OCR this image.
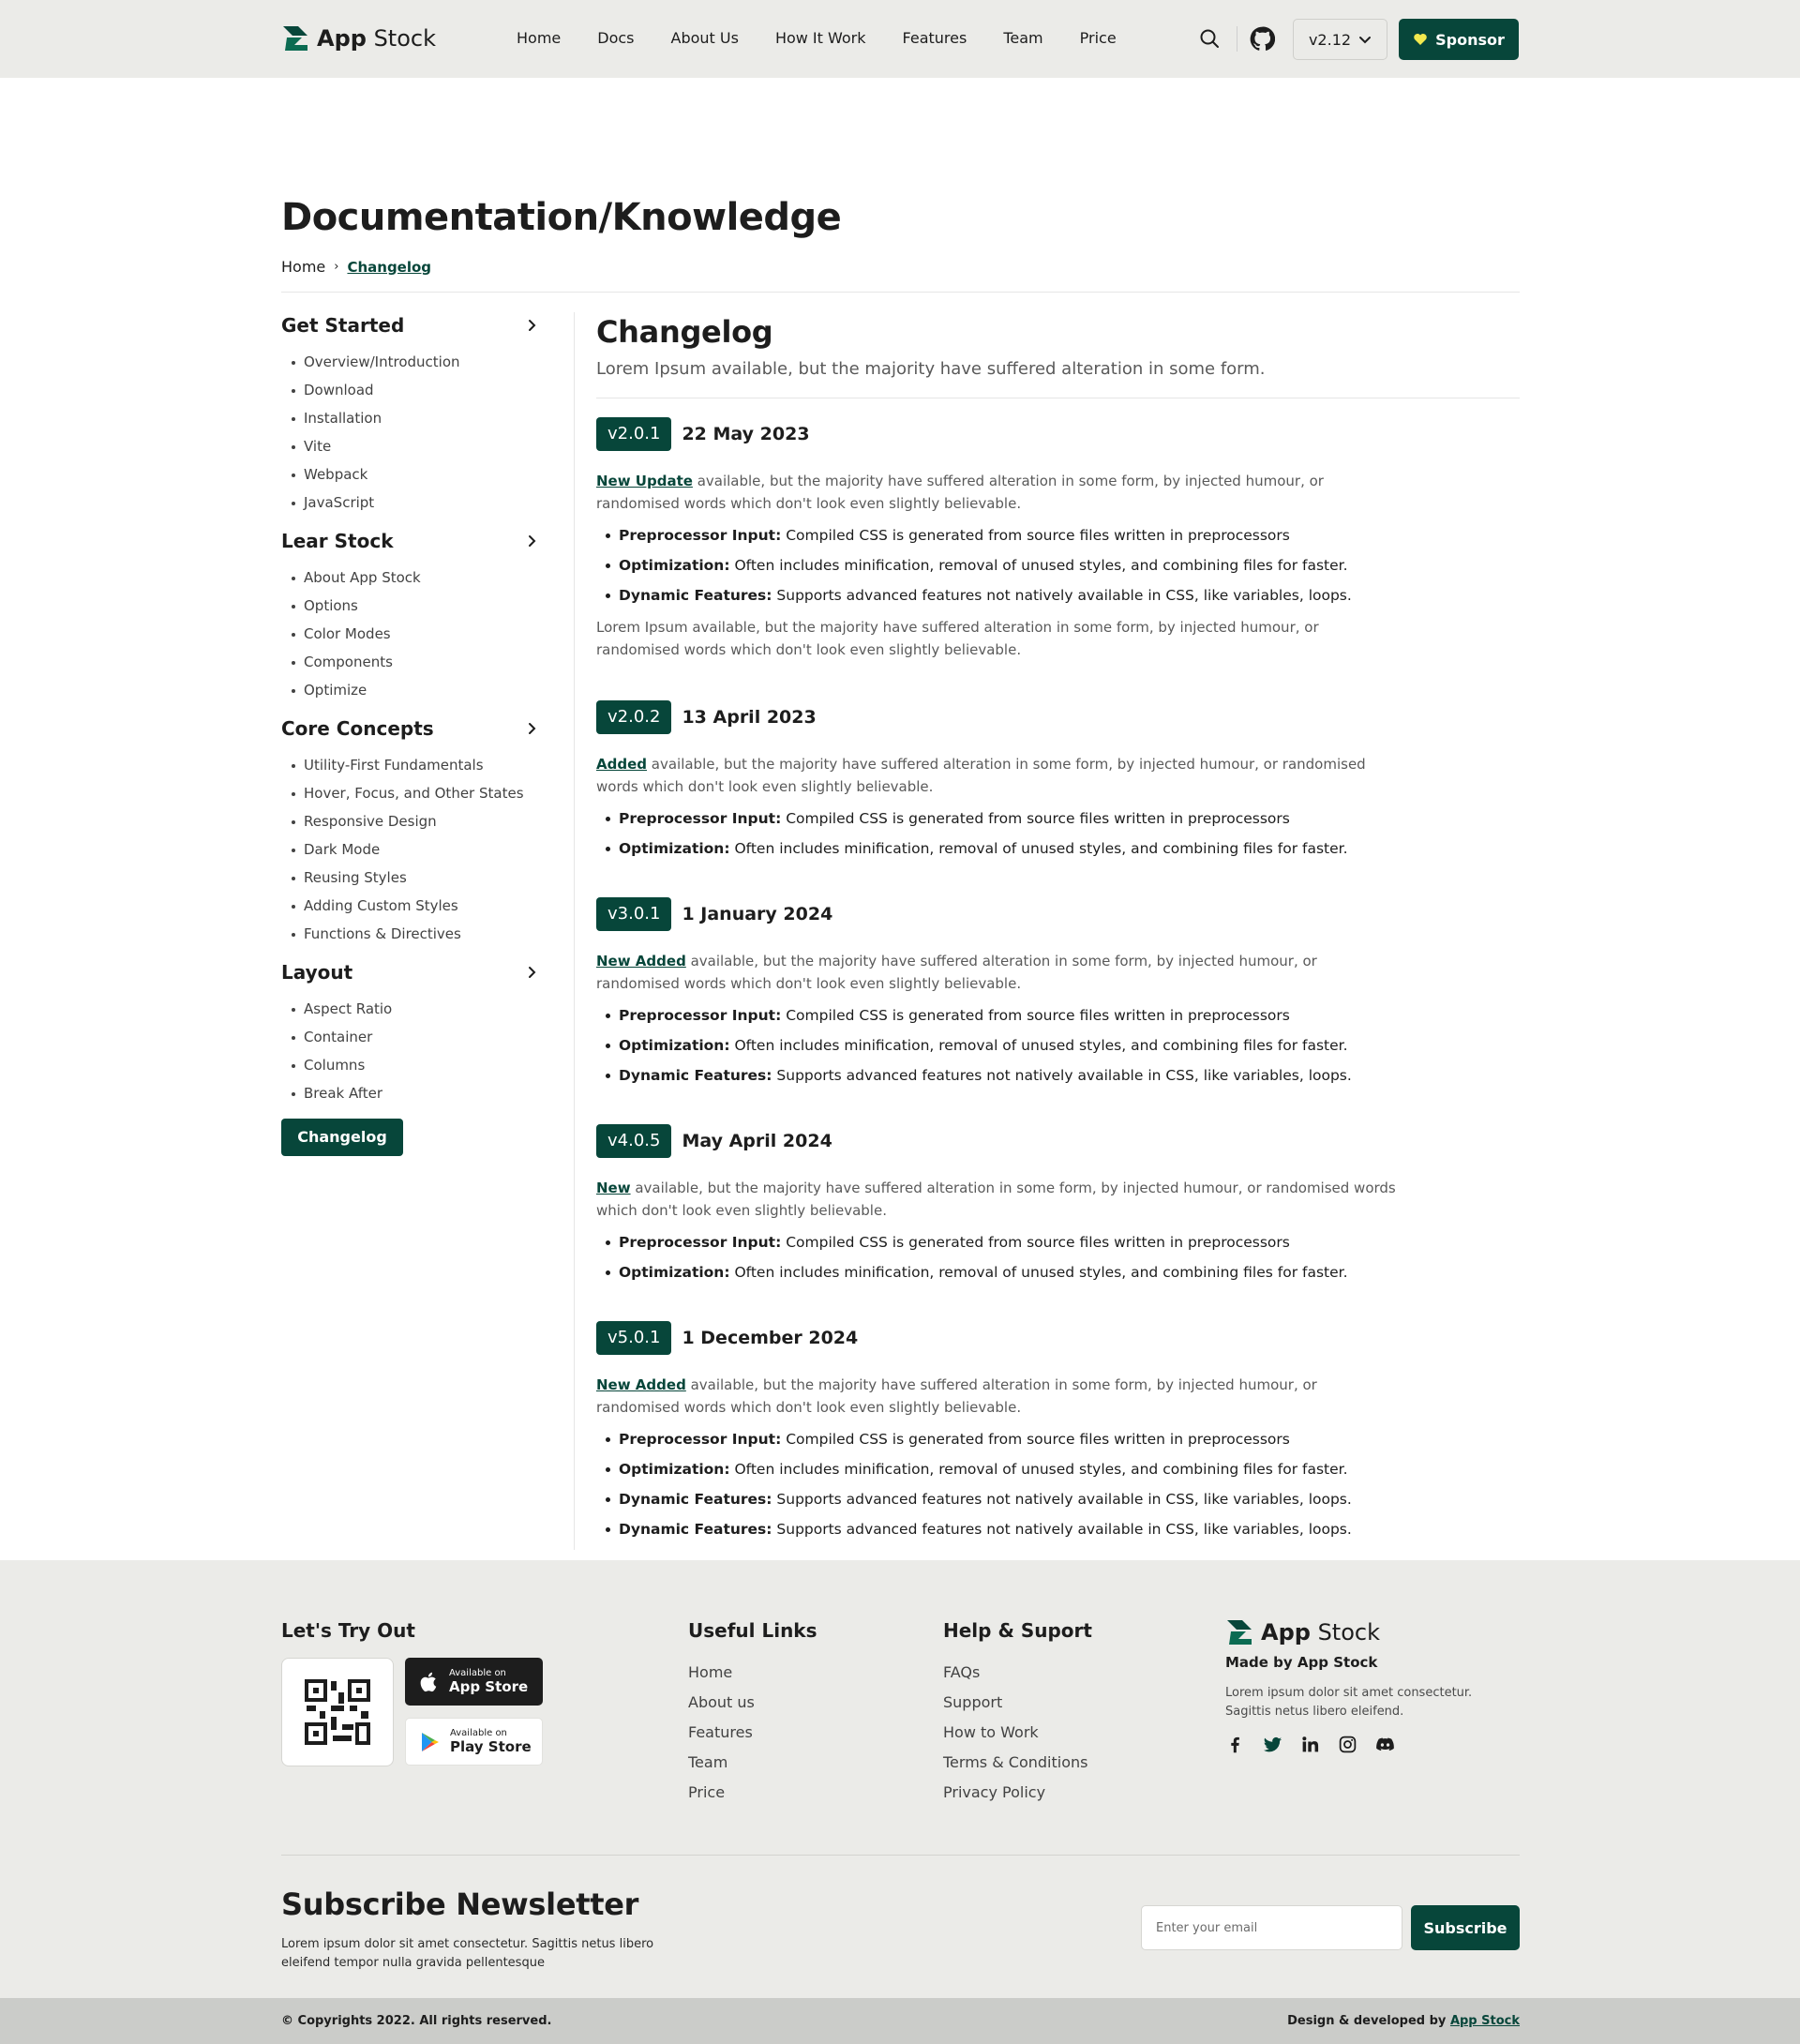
App Stock	Home Docs About Us How It Work Features Team Price	v2.12	Sponsor
Documentation/Knowledge
Home › Changelog
Get Started
Overview/Introduction
Download
Installation
Vite
Webpack
JavaScript
Lear Stock
About App Stock
Options
Color Modes
Components
Optimize
Core Concepts
Utility-First Fundamentals
Hover, Focus, and Other States
Responsive Design
Dark Mode
Reusing Styles
Adding Custom Styles
Functions & Directives
Layout
Aspect Ratio
Container
Columns
Break After
Changelog
Changelog

Lorem Ipsum available, but the majority have suffered alteration in some form.

v2.0.1	22 May 2023

New Update available, but the majority have suffered alteration in some form, by injected humour, or randomised words which don't look even slightly believable.

Preprocessor Input: Compiled CSS is generated from source files written in preprocessors
Optimization: Often includes minification, removal of unused styles, and combining files for faster.
Dynamic Features: Supports advanced features not natively available in CSS, like variables, loops.

Lorem Ipsum available, but the majority have suffered alteration in some form, by injected humour, or randomised words which don't look even slightly believable.

v2.0.2	13 April 2023

Added available, but the majority have suffered alteration in some form, by injected humour, or randomised words which don't look even slightly believable.

Preprocessor Input: Compiled CSS is generated from source files written in preprocessors
Optimization: Often includes minification, removal of unused styles, and combining files for faster.
v3.0.1	1 January 2024

New Added available, but the majority have suffered alteration in some form, by injected humour, or randomised words which don't look even slightly believable.

Preprocessor Input: Compiled CSS is generated from source files written in preprocessors
Optimization: Often includes minification, removal of unused styles, and combining files for faster.
Dynamic Features: Supports advanced features not natively available in CSS, like variables, loops.
v4.0.5	May April 2024

New available, but the majority have suffered alteration in some form, by injected humour, or randomised words which don't look even slightly believable.

Preprocessor Input: Compiled CSS is generated from source files written in preprocessors
Optimization: Often includes minification, removal of unused styles, and combining files for faster.
v5.0.1	1 December 2024

New Added available, but the majority have suffered alteration in some form, by injected humour, or randomised words which don't look even slightly believable.

Preprocessor Input: Compiled CSS is generated from source files written in preprocessors
Optimization: Often includes minification, removal of unused styles, and combining files for faster.
Dynamic Features: Supports advanced features not natively available in CSS, like variables, loops.
Dynamic Features: Supports advanced features not natively available in CSS, like variables, loops.
Let's Try Out
Available on
App Store
Available on
Play Store
Useful Links
Home
About us
Features
Team
Price
Help & Suport
FAQs
Support
How to Work
Terms & Conditions
Privacy Policy
App Stock
Made by App Stock

Lorem ipsum dolor sit amet consectetur. Sagittis netus libero eleifend.

Subscribe Newsletter

Lorem ipsum dolor sit amet consectetur. Sagittis netus libero eleifend tempor nulla gravida pellentesque

Enter your email
Subscribe
© Copyrights 2022. All rights reserved.	Design & developed by App Stock
